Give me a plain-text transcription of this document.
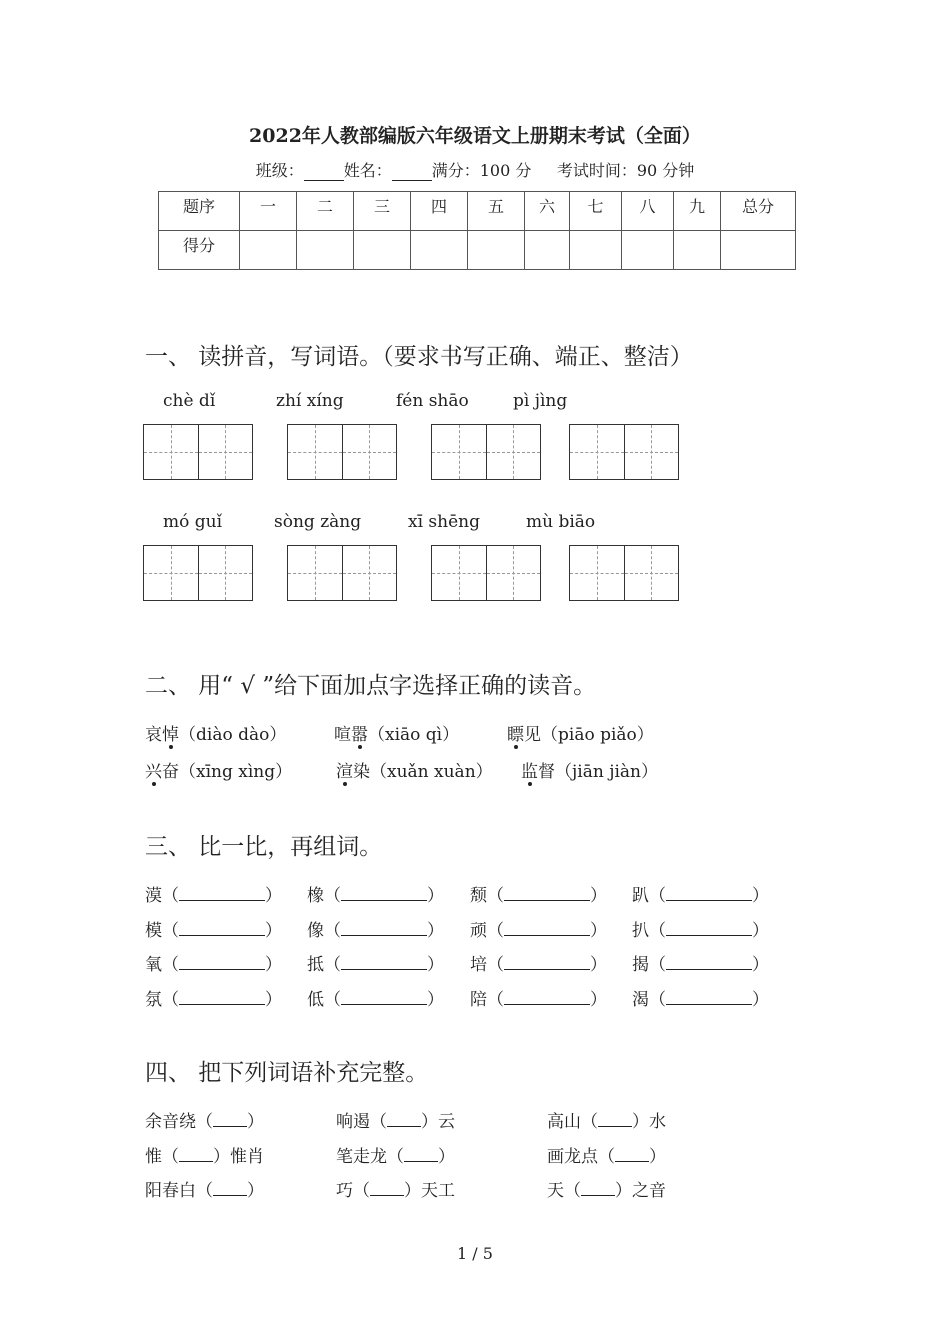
2022年人教部编版六年级语文上册期末考试（全面）
班级：	姓名：	满分：100 分 考试时间：90 分钟
题序	一	二	三	四	五	六	七	八	九	总分
得分										
一、 读拼音，写词语。（要求书写正确、端正、整洁）
chè dǐ	zhí xíng	fén shāo	pì jìng
mó guǐ	sòng zàng	xī shēng	mù biāo
二、 用“ √ ”给下面加点字选择正确的读音。
哀悼（diào dào）	喧嚣（xiāo qì）	瞟见（piāo piǎo）
兴奋（xīng xìng）	渲染（xuǎn xuàn） 监督（jiān jiàn）
三、 比一比，再组词。
漠（	） 橡（	） 颓（	） 趴（	）
模（	） 像（	） 顽（	） 扒（	）
氧（	） 抵（	） 培（	） 揭（	）
氛（	） 低（	） 陪（	） 渴（	）
四、 把下列词语补充完整。
余音绕（ ）	响遏（ ）云	高山（ ）水
惟（ ）惟肖	笔走龙（ ）	画龙点（ ）
阳春白（ ）	巧（ ）天工	天（ ）之音
1 / 5
